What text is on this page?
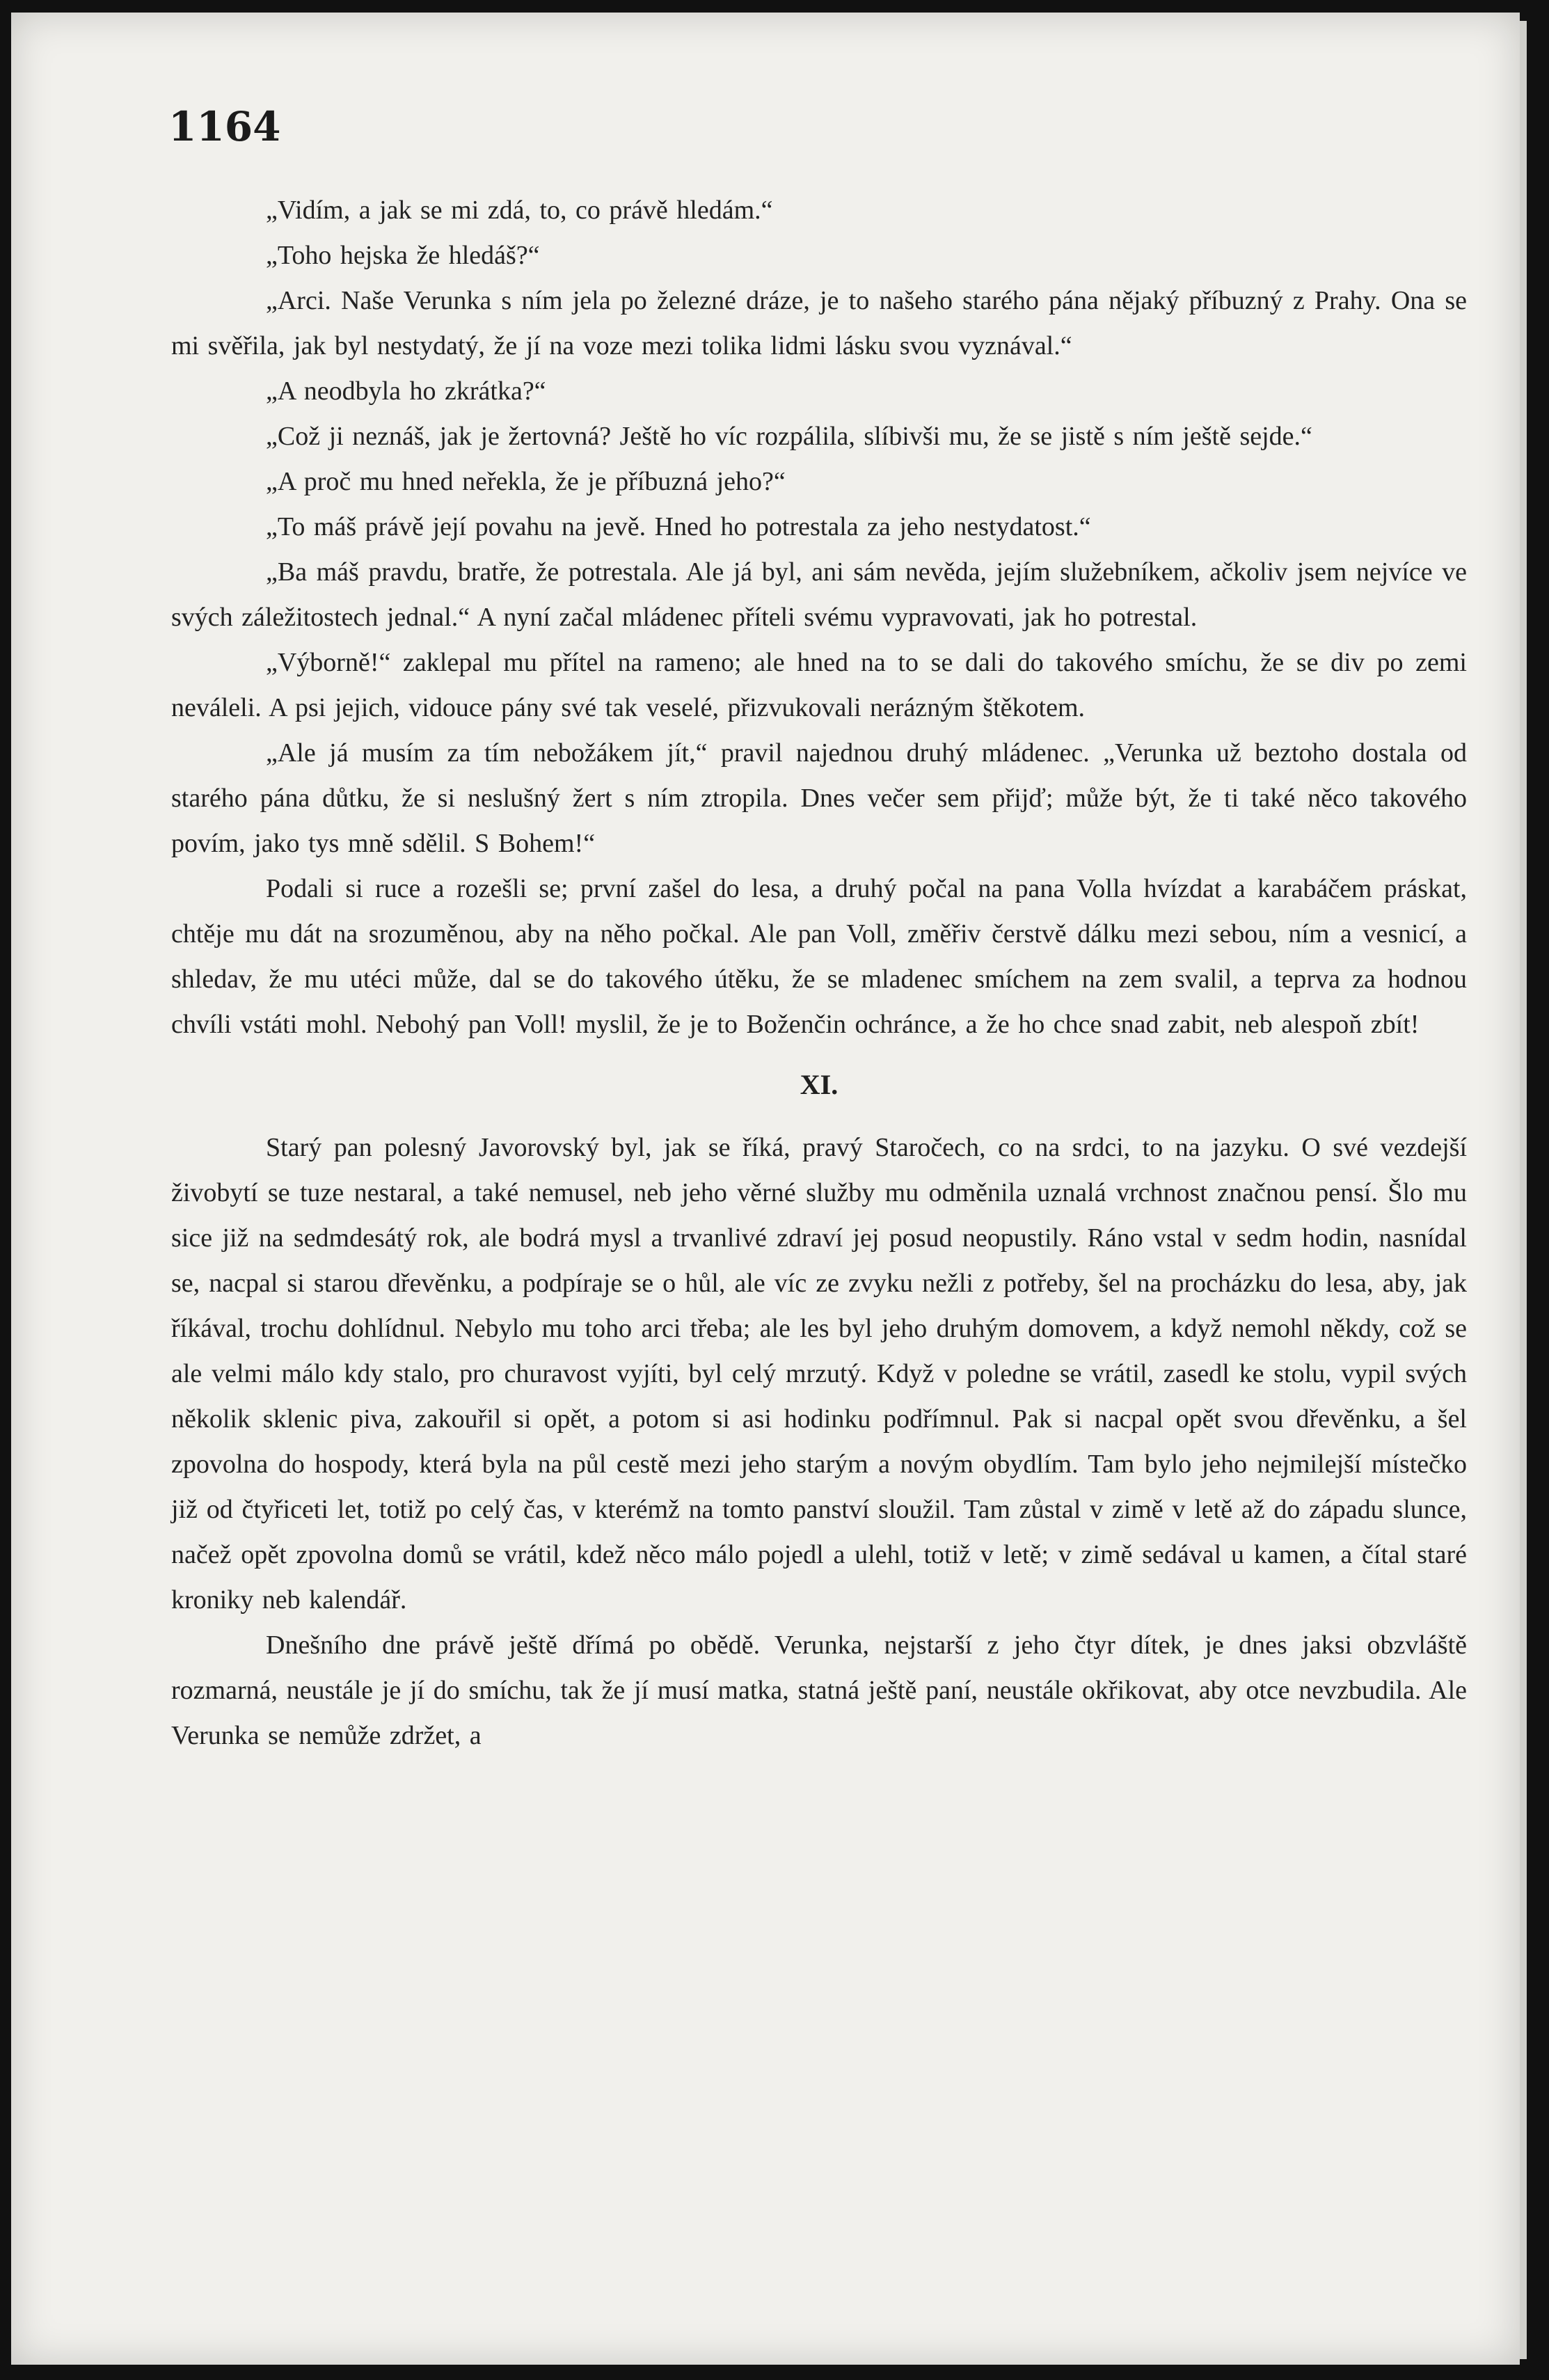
1164

„Vidím, a jak se mi zdá, to, co právě hledám.“

„Toho hejska že hledáš?“

„Arci. Naše Verunka s ním jela po železné dráze, je to našeho starého pána nějaký příbuzný z Prahy. Ona se mi svěřila, jak byl nestydatý, že jí na voze mezi tolika lidmi lásku svou vyznával.“

„A neodbyla ho zkrátka?“

„Což ji neznáš, jak je žertovná? Ještě ho víc rozpálila, slíbivši mu, že se jistě s ním ještě sejde.“

„A proč mu hned neřekla, že je příbuzná jeho?“

„To máš právě její povahu na jevě. Hned ho potrestala za jeho nestydatost.“

„Ba máš pravdu, bratře, že potrestala. Ale já byl, ani sám nevěda, jejím služebníkem, ačkoliv jsem nejvíce ve svých záležitostech jednal.“ A nyní začal mládenec příteli svému vypravovati, jak ho potrestal.

„Výborně!“ zaklepal mu přítel na rameno; ale hned na to se dali do takového smíchu, že se div po zemi neváleli. A psi jejich, vidouce pány své tak veselé, přizvukovali nerázným štěkotem.

„Ale já musím za tím nebožákem jít,“ pravil najednou druhý mládenec. „Verunka už beztoho dostala od starého pána důtku, že si neslušný žert s ním ztropila. Dnes večer sem přijď; může být, že ti také něco takového povím, jako tys mně sdělil. S Bohem!“

Podali si ruce a rozešli se; první zašel do lesa, a druhý počal na pana Volla hvízdat a karabáčem práskat, chtěje mu dát na srozuměnou, aby na něho počkal. Ale pan Voll, změřiv čerstvě dálku mezi sebou, ním a vesnicí, a shledav, že mu utéci může, dal se do takového útěku, že se mladenec smíchem na zem svalil, a teprva za hodnou chvíli vstáti mohl. Nebohý pan Voll! myslil, že je to Boženčin ochránce, a že ho chce snad zabit, neb alespoň zbít!

XI.

Starý pan polesný Javorovský byl, jak se říká, pravý Staročech, co na srdci, to na jazyku. O své vezdejší živobytí se tuze nestaral, a také nemusel, neb jeho věrné služby mu odměnila uznalá vrchnost značnou pensí. Šlo mu sice již na sedmdesátý rok, ale bodrá mysl a trvanlivé zdraví jej posud neopustily. Ráno vstal v sedm hodin, nasnídal se, nacpal si starou dřevěnku, a podpíraje se o hůl, ale víc ze zvyku nežli z potřeby, šel na procházku do lesa, aby, jak říkával, trochu dohlídnul. Nebylo mu toho arci třeba; ale les byl jeho druhým domovem, a když nemohl někdy, což se ale velmi málo kdy stalo, pro churavost vyjíti, byl celý mrzutý. Když v poledne se vrátil, zasedl ke stolu, vypil svých několik sklenic piva, zakouřil si opět, a potom si asi hodinku podřímnul. Pak si nacpal opět svou dřevěnku, a šel zpovolna do hospody, která byla na půl cestě mezi jeho starým a novým obydlím. Tam bylo jeho nejmilejší místečko již od čtyřiceti let, totiž po celý čas, v kterémž na tomto panství sloužil. Tam zůstal v zimě v letě až do západu slunce, načež opět zpovolna domů se vrátil, kdež něco málo pojedl a ulehl, totiž v letě; v zimě sedával u kamen, a čítal staré kroniky neb kalendář.

Dnešního dne právě ještě dřímá po obědě. Verunka, nejstarší z jeho čtyr dítek, je dnes jaksi obzvláště rozmarná, neustále je jí do smíchu, tak že jí musí matka, statná ještě paní, neustále okřikovat, aby otce nevzbudila. Ale Verunka se nemůže zdržet, a
